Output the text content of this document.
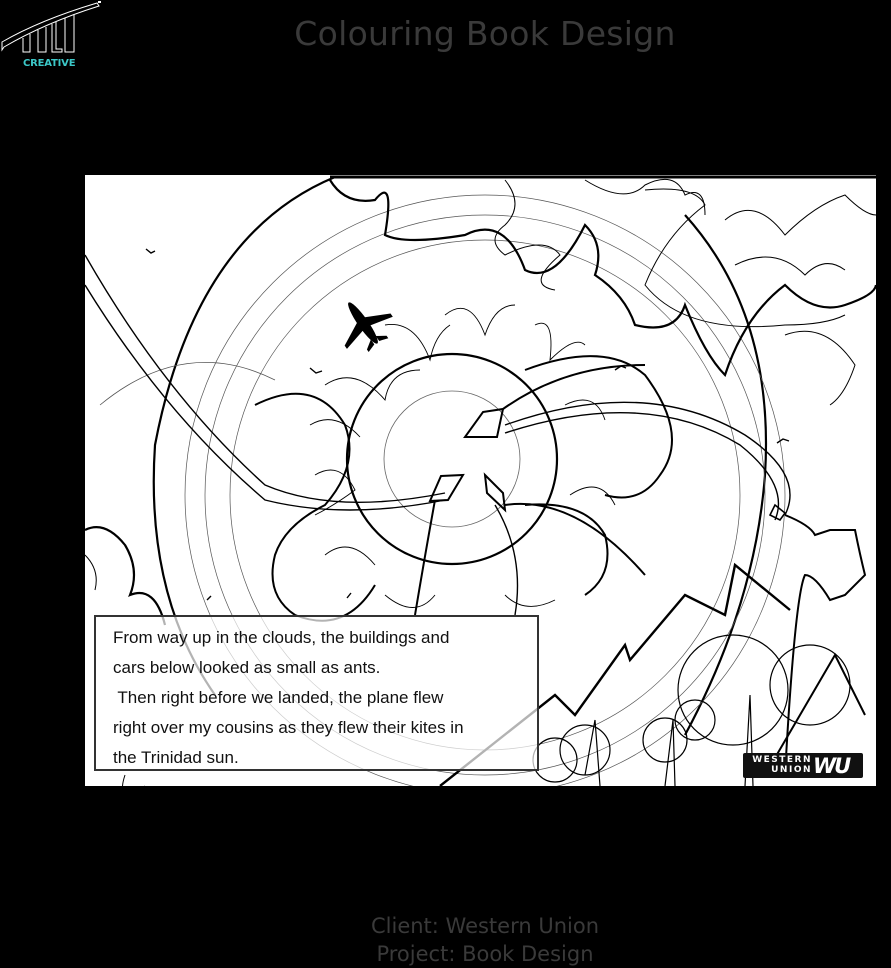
CREATIVE
Colouring Book Design
From way up in the clouds, the buildings and
cars below looked as small as ants.
Then right before we landed, the plane flew
right over my cousins as they flew their kites in
the Trinidad sun.	WESTERN
UNION WU
Client: Western Union
Project: Book Design
